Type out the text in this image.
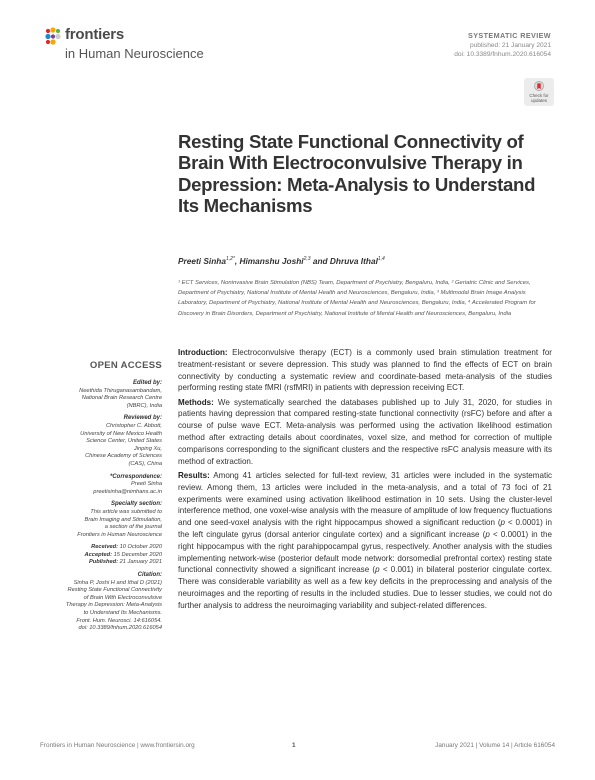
frontiers
in Human Neuroscience
SYSTEMATIC REVIEW
published: 21 January 2021
doi: 10.3389/fnhum.2020.616054
Check for
updates
Resting State Functional Connectivity of Brain With Electroconvulsive Therapy in Depression: Meta-Analysis to Understand Its Mechanisms
Preeti Sinha$^{1,2*}$, Himanshu Joshi$^{2,3}$ and Dhruva Ithal$^{1,4}$
¹ ECT Services, Noninvasive Brain Stimulation (NBS) Team, Department of Psychiatry, Bengaluru, India, ² Geriatric Clinic and Services, Department of Psychiatry, National Institute of Mental Health and Neurosciences, Bengaluru, India, ³ Multimodal Brain Image Analysis Laboratory, Department of Psychiatry, National Institute of Mental Health and Neurosciences, Bengaluru, India, ⁴ Accelerated Program for Discovery in Brain Disorders, Department of Psychiatry, National Institute of Mental Health and Neurosciences, Bengaluru, India
OPEN ACCESS
Edited by:
Neethida Thiruganasambandam,
National Brain Research Centre
(NBRC), India
Reviewed by:
Christopher C. Abbott,
University of New Mexico Health
Science Center, United States
Jinping Xu,
Chinese Academy of Sciences
(CAS), China
*Correspondence:
Preeti Sinha
preetisinha@nimhans.ac.in
Specialty section:
This article was submitted to
Brain Imaging and Stimulation,
a section of the journal
Frontiers in Human Neuroscience
Received: 10 October 2020
Accepted: 15 December 2020
Published: 21 January 2021
Citation:
Sinha P, Joshi H and Ithal D (2021)
Resting State Functional Connectivity
of Brain With Electroconvulsive
Therapy in Depression: Meta-Analysis
to Understand Its Mechanisms.
Front. Hum. Neurosci. 14:616054.
doi: 10.3389/fnhum.2020.616054

Introduction: Electroconvulsive therapy (ECT) is a commonly used brain stimulation treatment for treatment-resistant or severe depression. This study was planned to find the effects of ECT on brain connectivity by conducting a systematic review and coordinate-based meta-analysis of the studies performing resting state fMRI (rsfMRI) in patients with depression receiving ECT.

Methods: We systematically searched the databases published up to July 31, 2020, for studies in patients having depression that compared resting-state functional connectivity (rsFC) before and after a course of pulse wave ECT. Meta-analysis was performed using the activation likelihood estimation method after extracting details about coordinates, voxel size, and method for correction of multiple comparisons corresponding to the significant clusters and the respective rsFC analysis measure with its method of extraction.

Results: Among 41 articles selected for full-text review, 31 articles were included in the systematic review. Among them, 13 articles were included in the meta-analysis, and a total of 73 foci of 21 experiments were examined using activation likelihood estimation in 10 sets. Using the cluster-level interference method, one voxel-wise analysis with the measure of amplitude of low frequency fluctuations and one seed-voxel analysis with the right hippocampus showed a significant reduction (p < 0.0001) in the left cingulate gyrus (dorsal anterior cingulate cortex) and a significant increase (p < 0.0001) in the right hippocampus with the right parahippocampal gyrus, respectively. Another analysis with the studies implementing network-wise (posterior default mode network: dorsomedial prefrontal cortex) resting state functional connectivity showed a significant increase (p < 0.001) in bilateral posterior cingulate cortex. There was considerable variability as well as a few key deficits in the preprocessing and analysis of the neuroimages and the reporting of results in the included studies. Due to lesser studies, we could not do further analysis to address the neuroimaging variability and subject-related differences.

Frontiers in Human Neuroscience | www.frontiersin.org	1	January 2021 | Volume 14 | Article 616054
